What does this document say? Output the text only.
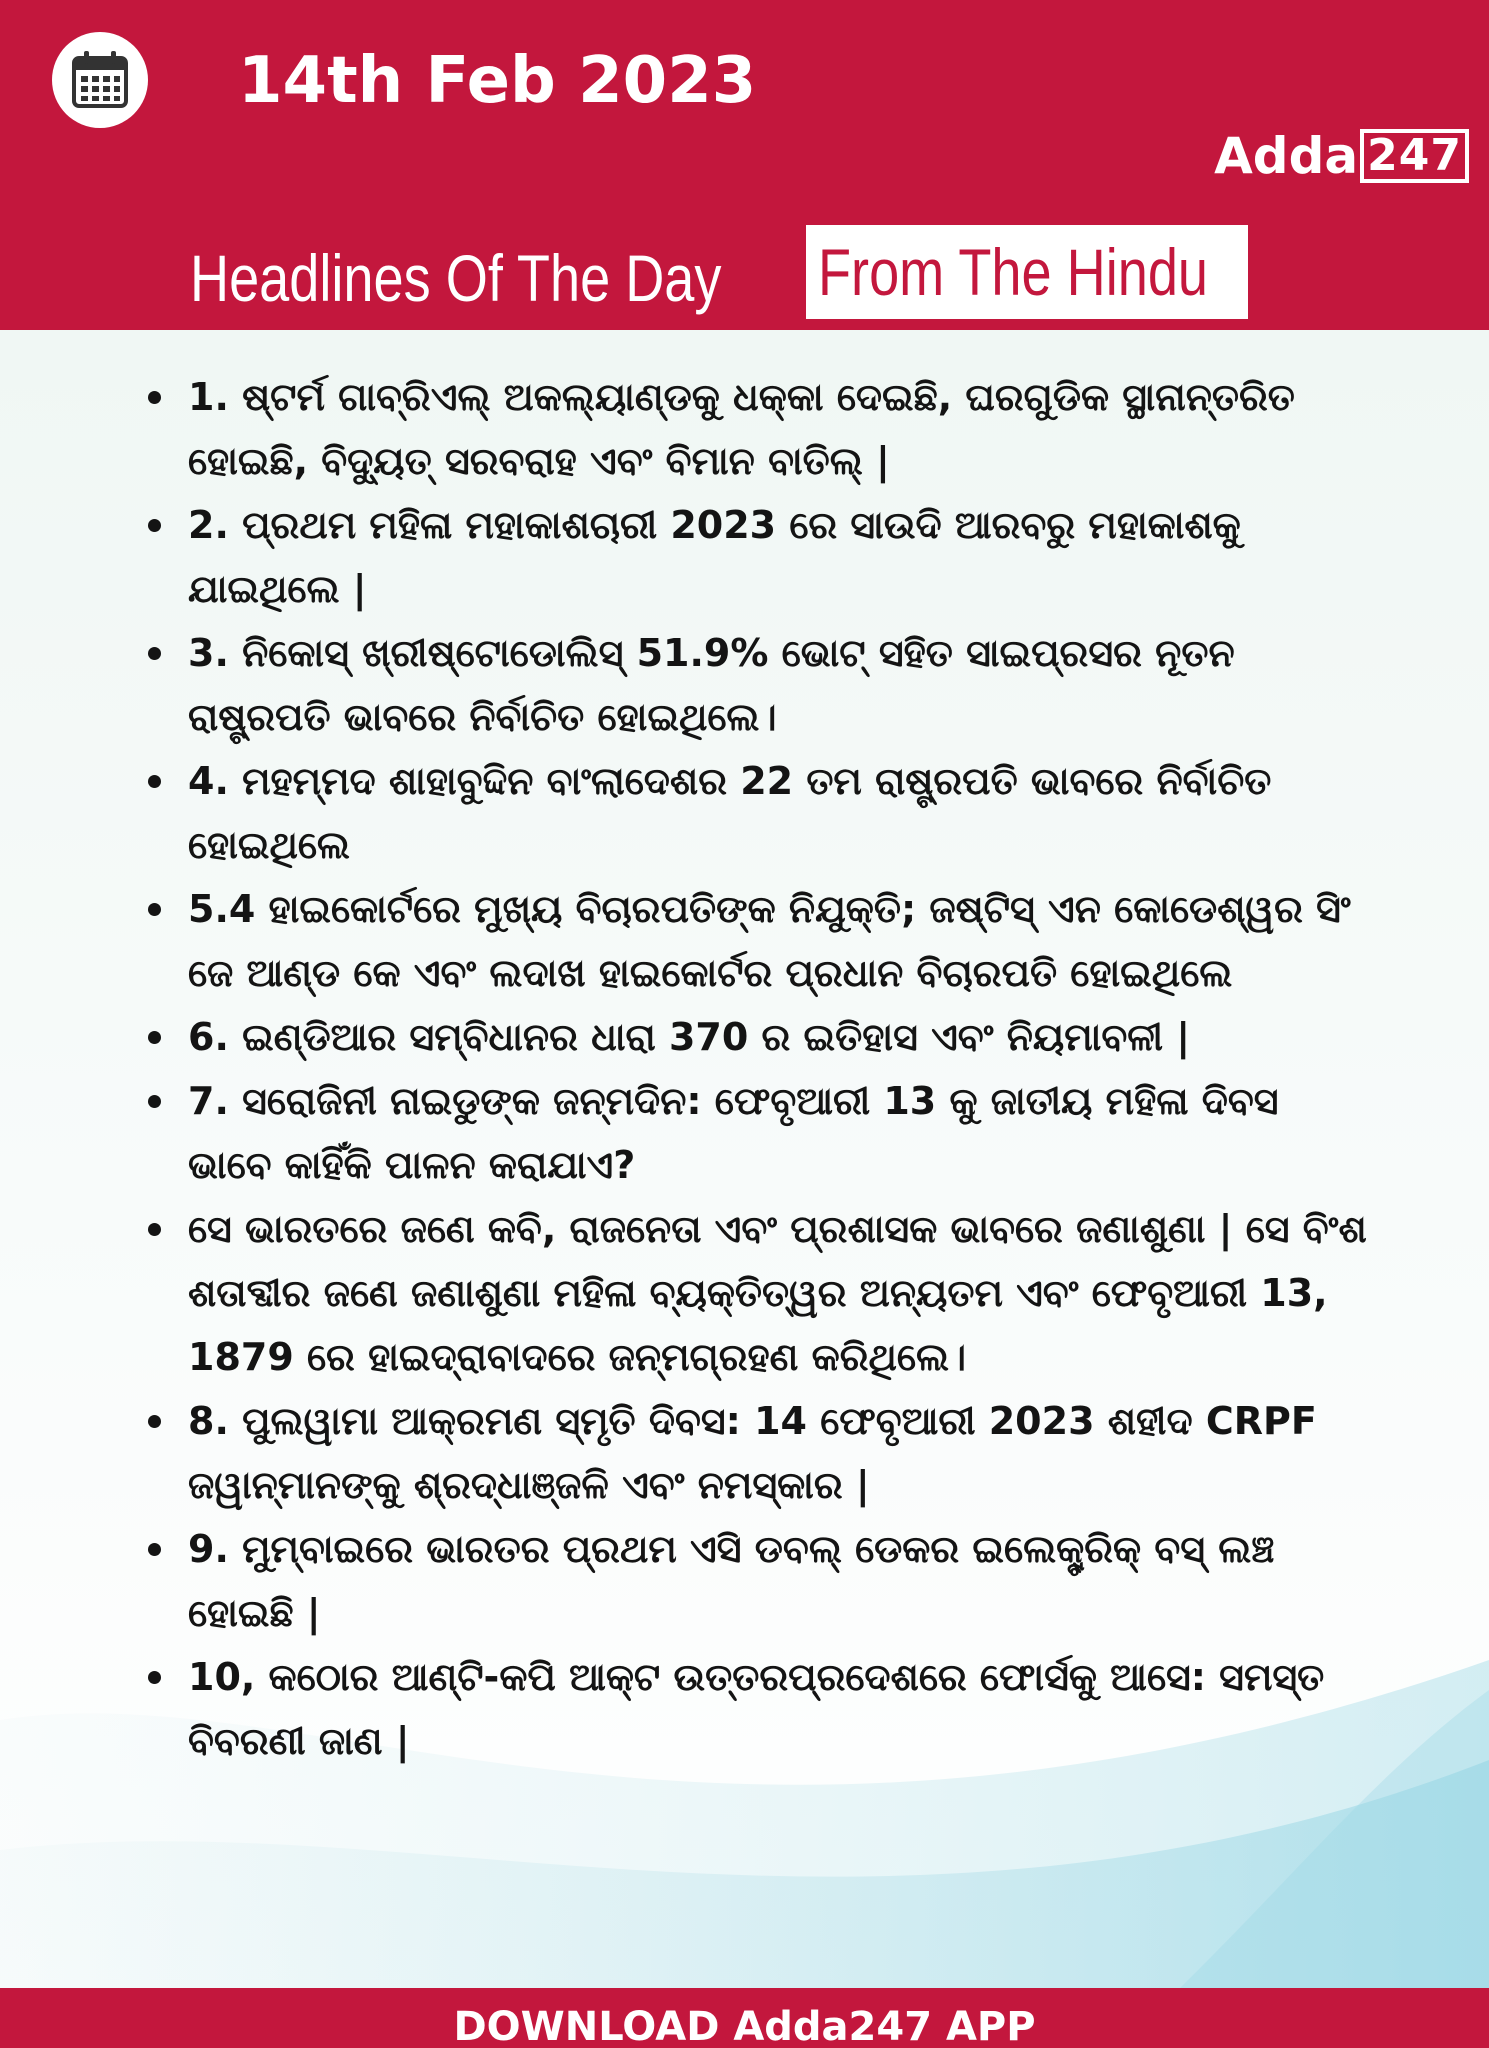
14th Feb 2023
Adda 247
Headlines Of The Day From The Hindu
1. ଷ୍ଟର୍ମ ଗାବ୍ରିଏଲ୍ ଅକଲ୍ୟାଣ୍ଡକୁ ଧକ୍କା ଦେଇଛି, ଘରଗୁଡିକ ସ୍ଥାନାନ୍ତରିତ ହୋଇଛି, ବିଦ୍ୟୁତ୍ ସରବରାହ ଏବଂ ବିମାନ ବାତିଲ୍ |
2. ପ୍ରଥମ ମହିଳା ମହାକାଶଚାରୀ 2023 ରେ ସାଉଦି ଆରବରୁ ମହାକାଶକୁ ଯାଇଥିଲେ |
3. ନିକୋସ୍ ଖ୍ରୀଷ୍ଟୋଡୋଲିସ୍ 51.9% ଭୋଟ୍ ସହିତ ସାଇପ୍ରସର ନୂତନ ରାଷ୍ଟ୍ରପତି ଭାବରେ ନିର୍ବାଚିତ ହୋଇଥିଲେ।
4. ମହମ୍ମଦ ଶାହାବୁଦ୍ଦିନ ବାଂଲାଦେଶର 22 ତମ ରାଷ୍ଟ୍ରପତି ଭାବରେ ନିର୍ବାଚିତ ହୋଇଥିଲେ
5.4 ହାଇକୋର୍ଟରେ ମୁଖ୍ୟ ବିଚାରପତିଙ୍କ ନିଯୁକ୍ତି; ଜଷ୍ଟିସ୍ ଏନ କୋଡେଶ୍ୱର ସିଂ ଜେ ଆଣ୍ଡ କେ ଏବଂ ଲଦାଖ ହାଇକୋର୍ଟର ପ୍ରଧାନ ବିଚାରପତି ହୋଇଥିଲେ
6. ଇଣ୍ଡିଆର ସମ୍ବିଧାନର ଧାରା 370 ର ଇତିହାସ ଏବଂ ନିୟମାବଳୀ |
7. ସରୋଜିନୀ ନାଇଡୁଙ୍କ ଜନ୍ମଦିନ: ଫେବୃଆରୀ 13 କୁ ଜାତୀୟ ମହିଳା ଦିବସ ଭାବେ କାହିଁକି ପାଳନ କରାଯାଏ?
ସେ ଭାରତରେ ଜଣେ କବି, ରାଜନେତା ଏବଂ ପ୍ରଶାସକ ଭାବରେ ଜଣାଶୁଣା | ସେ ବିଂଶ ଶତାବ୍ଦୀର ଜଣେ ଜଣାଶୁଣା ମହିଳା ବ୍ୟକ୍ତିତ୍ୱର ଅନ୍ୟତମ ଏବଂ ଫେବୃଆରୀ 13, 1879 ରେ ହାଇଦ୍ରାବାଦରେ ଜନ୍ମଗ୍ରହଣ କରିଥିଲେ।
8. ପୁଲୱାମା ଆକ୍ରମଣ ସ୍ମୃତି ଦିବସ: 14 ଫେବୃଆରୀ 2023 ଶହୀଦ CRPF ଜୱାନ୍ମାନଙ୍କୁ ଶ୍ରଦ୍ଧାଞ୍ଜଳି ଏବଂ ନମସ୍କାର |
9. ମୁମ୍ବାଇରେ ଭାରତର ପ୍ରଥମ ଏସି ଡବଲ୍ ଡେକର ଇଲେକ୍ଟ୍ରିକ୍ ବସ୍ ଲଞ୍ଚ ହୋଇଛି |
10, କଠୋର ଆଣ୍ଟି-କପି ଆକ୍ଟ ଉତ୍ତରପ୍ରଦେଶରେ ଫୋର୍ସକୁ ଆସେ: ସମସ୍ତ ବିବରଣୀ ଜାଣ |
DOWNLOAD Adda247 APP
